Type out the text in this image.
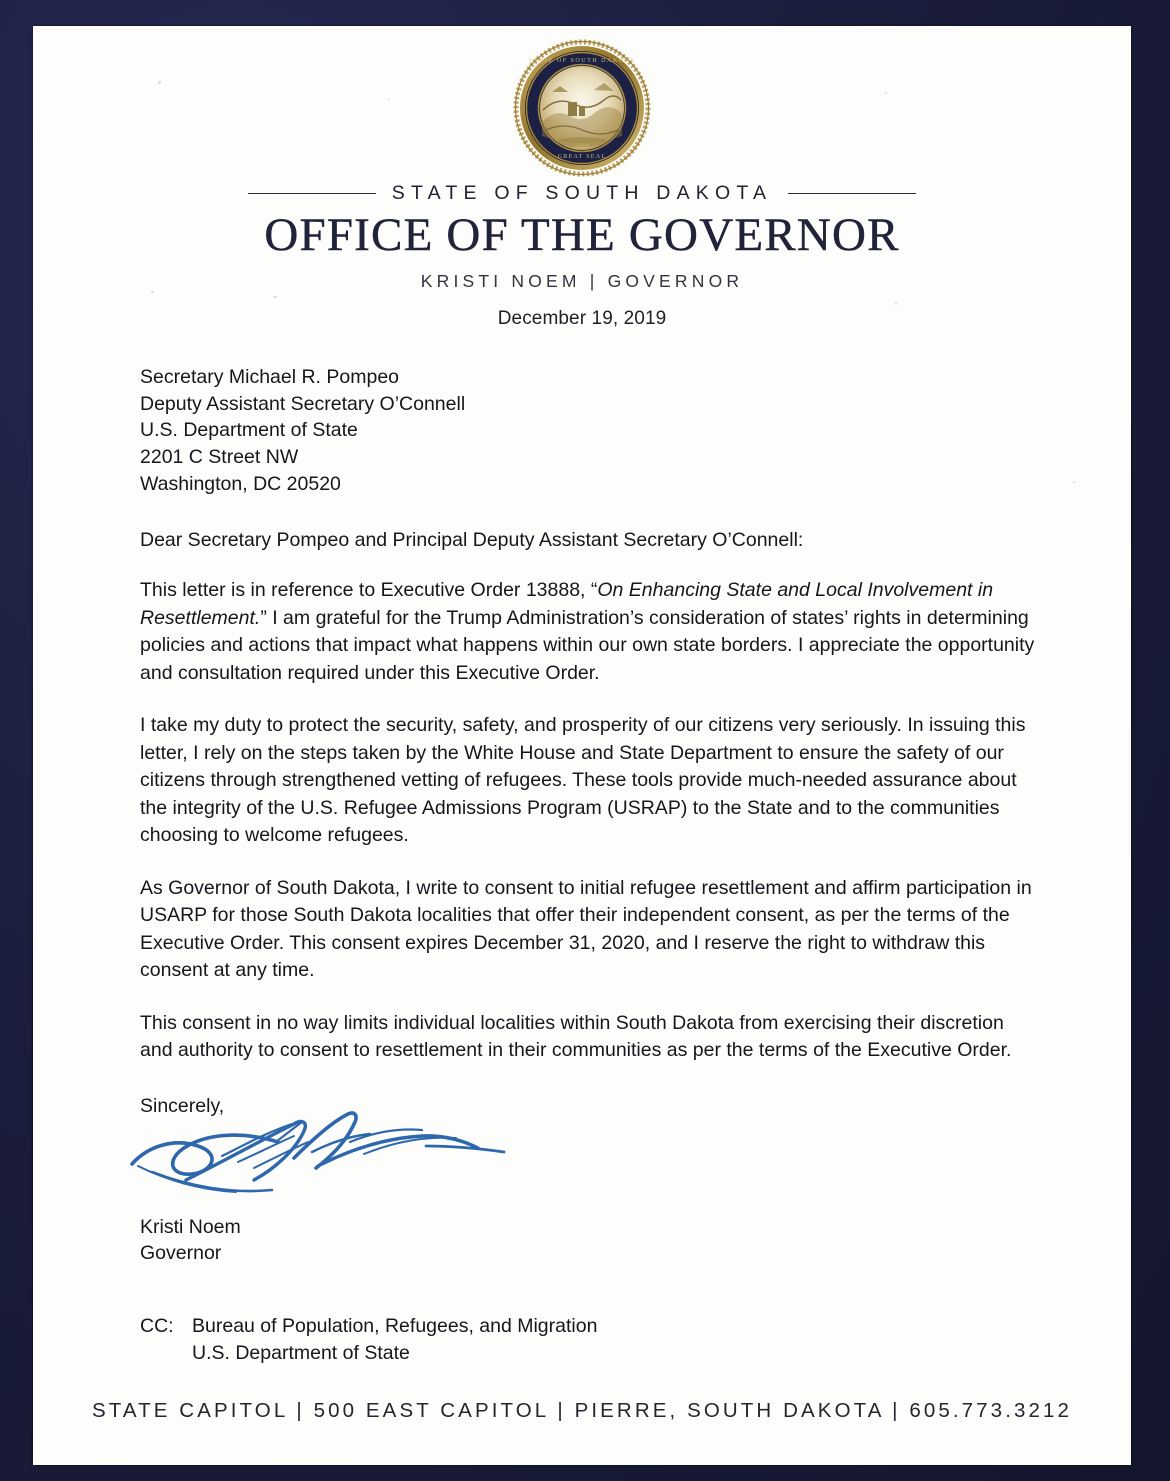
STATE OF SOUTH DAKOTA
GREAT SEAL
1889
STATE OF SOUTH DAKOTA
OFFICE OF THE GOVERNOR
KRISTI NOEM | GOVERNOR
December 19, 2019
Secretary Michael R. Pompeo
Deputy Assistant Secretary O’Connell
U.S. Department of State
2201 C Street NW
Washington, DC 20520
Dear Secretary Pompeo and Principal Deputy Assistant Secretary O’Connell:

This letter is in reference to Executive Order 13888, “On Enhancing State and Local Involvement in Resettlement.” I am grateful for the Trump Administration’s consideration of states’ rights in determining policies and actions that impact what happens within our own state borders. I appreciate the opportunity and consultation required under this Executive Order.

I take my duty to protect the security, safety, and prosperity of our citizens very seriously. In issuing this letter, I rely on the steps taken by the White House and State Department to ensure the safety of our citizens through strengthened vetting of refugees. These tools provide much-needed assurance about the integrity of the U.S. Refugee Admissions Program (USRAP) to the State and to the communities choosing to welcome refugees.

As Governor of South Dakota, I write to consent to initial refugee resettlement and affirm participation in USARP for those South Dakota localities that offer their independent consent, as per the terms of the Executive Order. This consent expires December 31, 2020, and I reserve the right to withdraw this consent at any time.

This consent in no way limits individual localities within South Dakota from exercising their discretion and authority to consent to resettlement in their communities as per the terms of the Executive Order.

Sincerely,
Kristi Noem
Governor
CC: Bureau of Population, Refugees, and Migration
U.S. Department of State
STATE CAPITOL | 500 EAST CAPITOL | PIERRE, SOUTH DAKOTA | 605.773.3212
